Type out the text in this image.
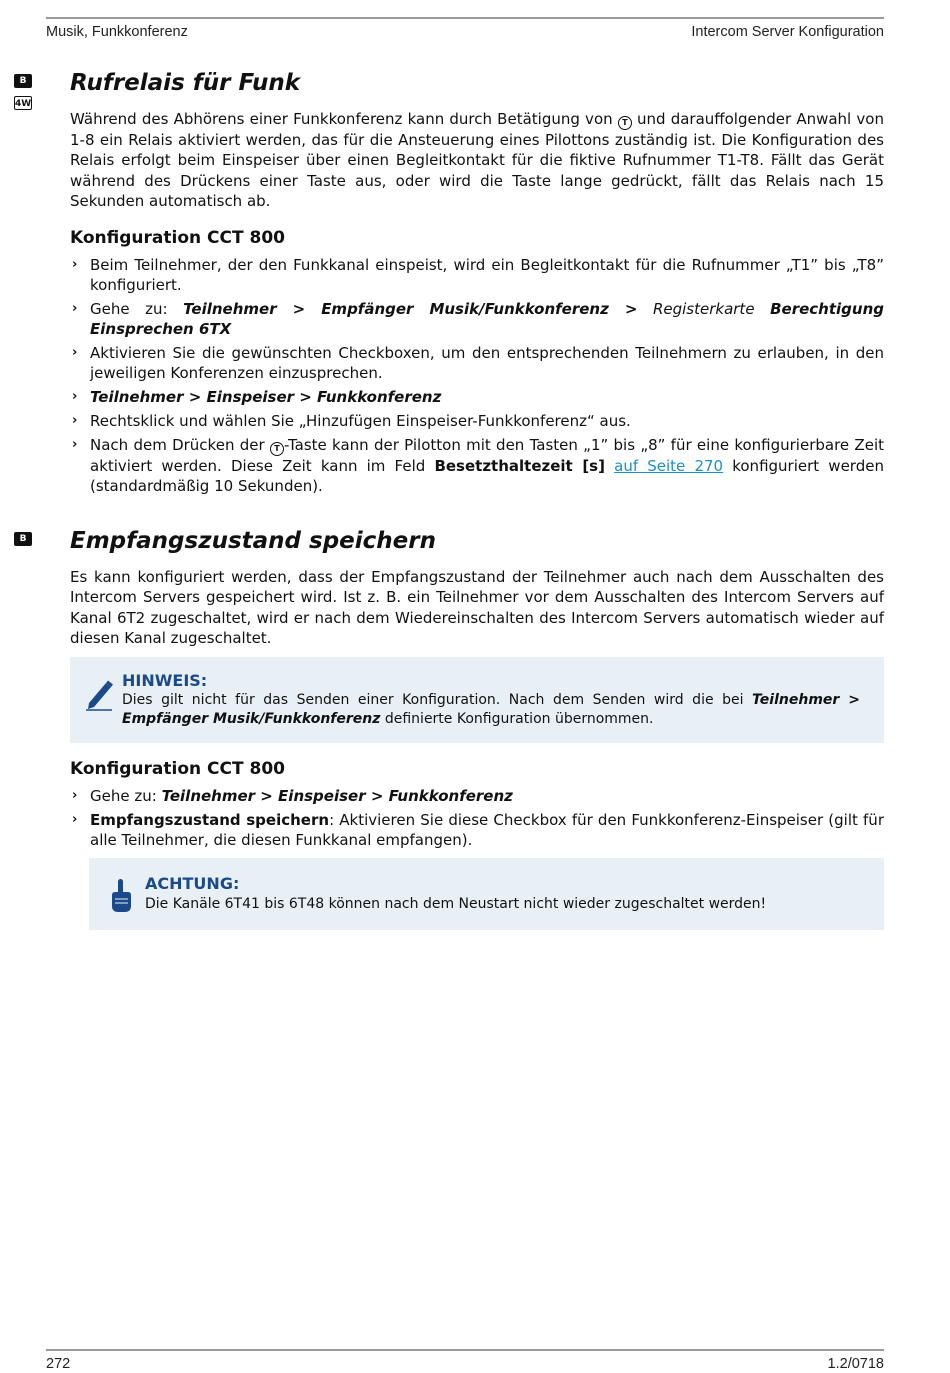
Musik, Funkkonferenz	Intercom Server Konfiguration
B
4W
B
Rufrelais für Funk

Während des Abhörens einer Funkkonferenz kann durch Betätigung von T und darauffolgender Anwahl von 1-8 ein Relais aktiviert werden, das für die Ansteuerung eines Pilottons zuständig ist. Die Konfiguration des Relais erfolgt beim Einspeiser über einen Begleitkontakt für die fiktive Rufnummer T1-T8. Fällt das Gerät während des Drückens einer Taste aus, oder wird die Taste lange gedrückt, fällt das Relais nach 15 Sekunden automatisch ab.

Konfiguration CCT 800
› Beim Teilnehmer, der den Funkkanal einspeist, wird ein Begleitkontakt für die Rufnummer „T1” bis „T8” konfiguriert.
› Gehe zu: Teilnehmer > Empfänger Musik/Funkkonferenz > Registerkarte Berechtigung Einsprechen 6TX
› Aktivieren Sie die gewünschten Checkboxen, um den entsprechenden Teilnehmern zu erlauben, in den jeweiligen Konferenzen einzusprechen.
› Teilnehmer > Einspeiser > Funkkonferenz
› Rechtsklick und wählen Sie „Hinzufügen Einspeiser-Funkkonferenz“ aus.
› Nach dem Drücken der T -Taste kann der Pilotton mit den Tasten „1” bis „8” für eine konfigurierbare Zeit aktiviert werden. Diese Zeit kann im Feld Besetzthaltezeit [s] auf Seite 270 konfiguriert werden (standardmäßig 10 Sekunden).
Empfangszustand speichern

Es kann konfiguriert werden, dass der Empfangszustand der Teilnehmer auch nach dem Ausschalten des Intercom Servers gespeichert wird. Ist z. B. ein Teilnehmer vor dem Ausschalten des Intercom Servers auf Kanal 6T2 zugeschaltet, wird er nach dem Wiedereinschalten des Intercom Servers automatisch wieder auf diesen Kanal zugeschaltet.

HINWEIS:
Dies gilt nicht für das Senden einer Konfiguration. Nach dem Senden wird die bei Teilnehmer > Empfänger Musik/Funkkonferenz definierte Konfiguration übernommen.
Konfiguration CCT 800
› Gehe zu: Teilnehmer > Einspeiser > Funkkonferenz
› Empfangszustand speichern: Aktivieren Sie diese Checkbox für den Funkkonferenz-Einspeiser (gilt für alle Teilnehmer, die diesen Funkkanal empfangen).
ACHTUNG:
Die Kanäle 6T41 bis 6T48 können nach dem Neustart nicht wieder zugeschaltet werden!
272	1.2/0718
